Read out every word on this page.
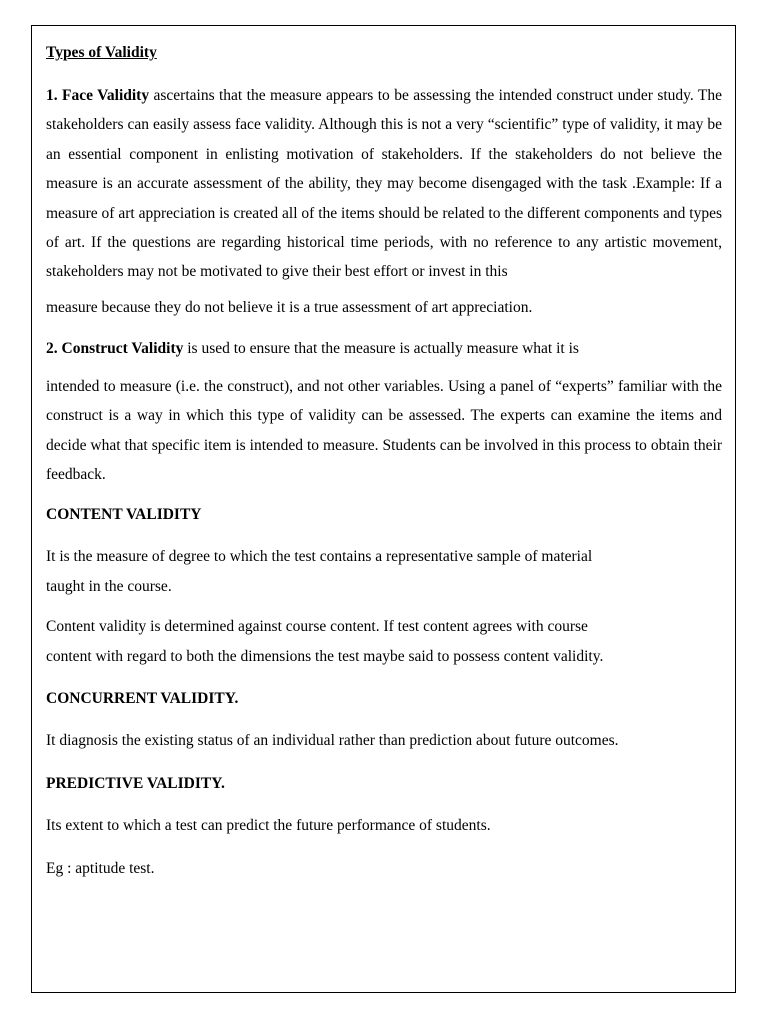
Types of Validity

1. Face Validity ascertains that the measure appears to be assessing the intended construct under study. The stakeholders can easily assess face validity. Although this is not a very “scientific” type of validity, it may be an essential component in enlisting motivation of stakeholders. If the stakeholders do not believe the measure is an accurate assessment of the ability, they may become disengaged with the task .Example: If a measure of art appreciation is created all of the items should be related to the different components and types of art. If the questions are regarding historical time periods, with no reference to any artistic movement, stakeholders may not be motivated to give their best effort or invest in this

measure because they do not believe it is a true assessment of art appreciation.

2. Construct Validity is used to ensure that the measure is actually measure what it is

intended to measure (i.e. the construct), and not other variables. Using a panel of “experts” familiar with the construct is a way in which this type of validity can be assessed. The experts can examine the items and decide what that specific item is intended to measure. Students can be involved in this process to obtain their feedback.

CONTENT VALIDITY

It is the measure of degree to which the test contains a representative sample of material
taught in the course.

Content validity is determined against course content. If test content agrees with course
content with regard to both the dimensions the test maybe said to possess content validity.

CONCURRENT VALIDITY.

It diagnosis the existing status of an individual rather than prediction about future outcomes.

PREDICTIVE VALIDITY.

Its extent to which a test can predict the future performance of students.

Eg : aptitude test.
